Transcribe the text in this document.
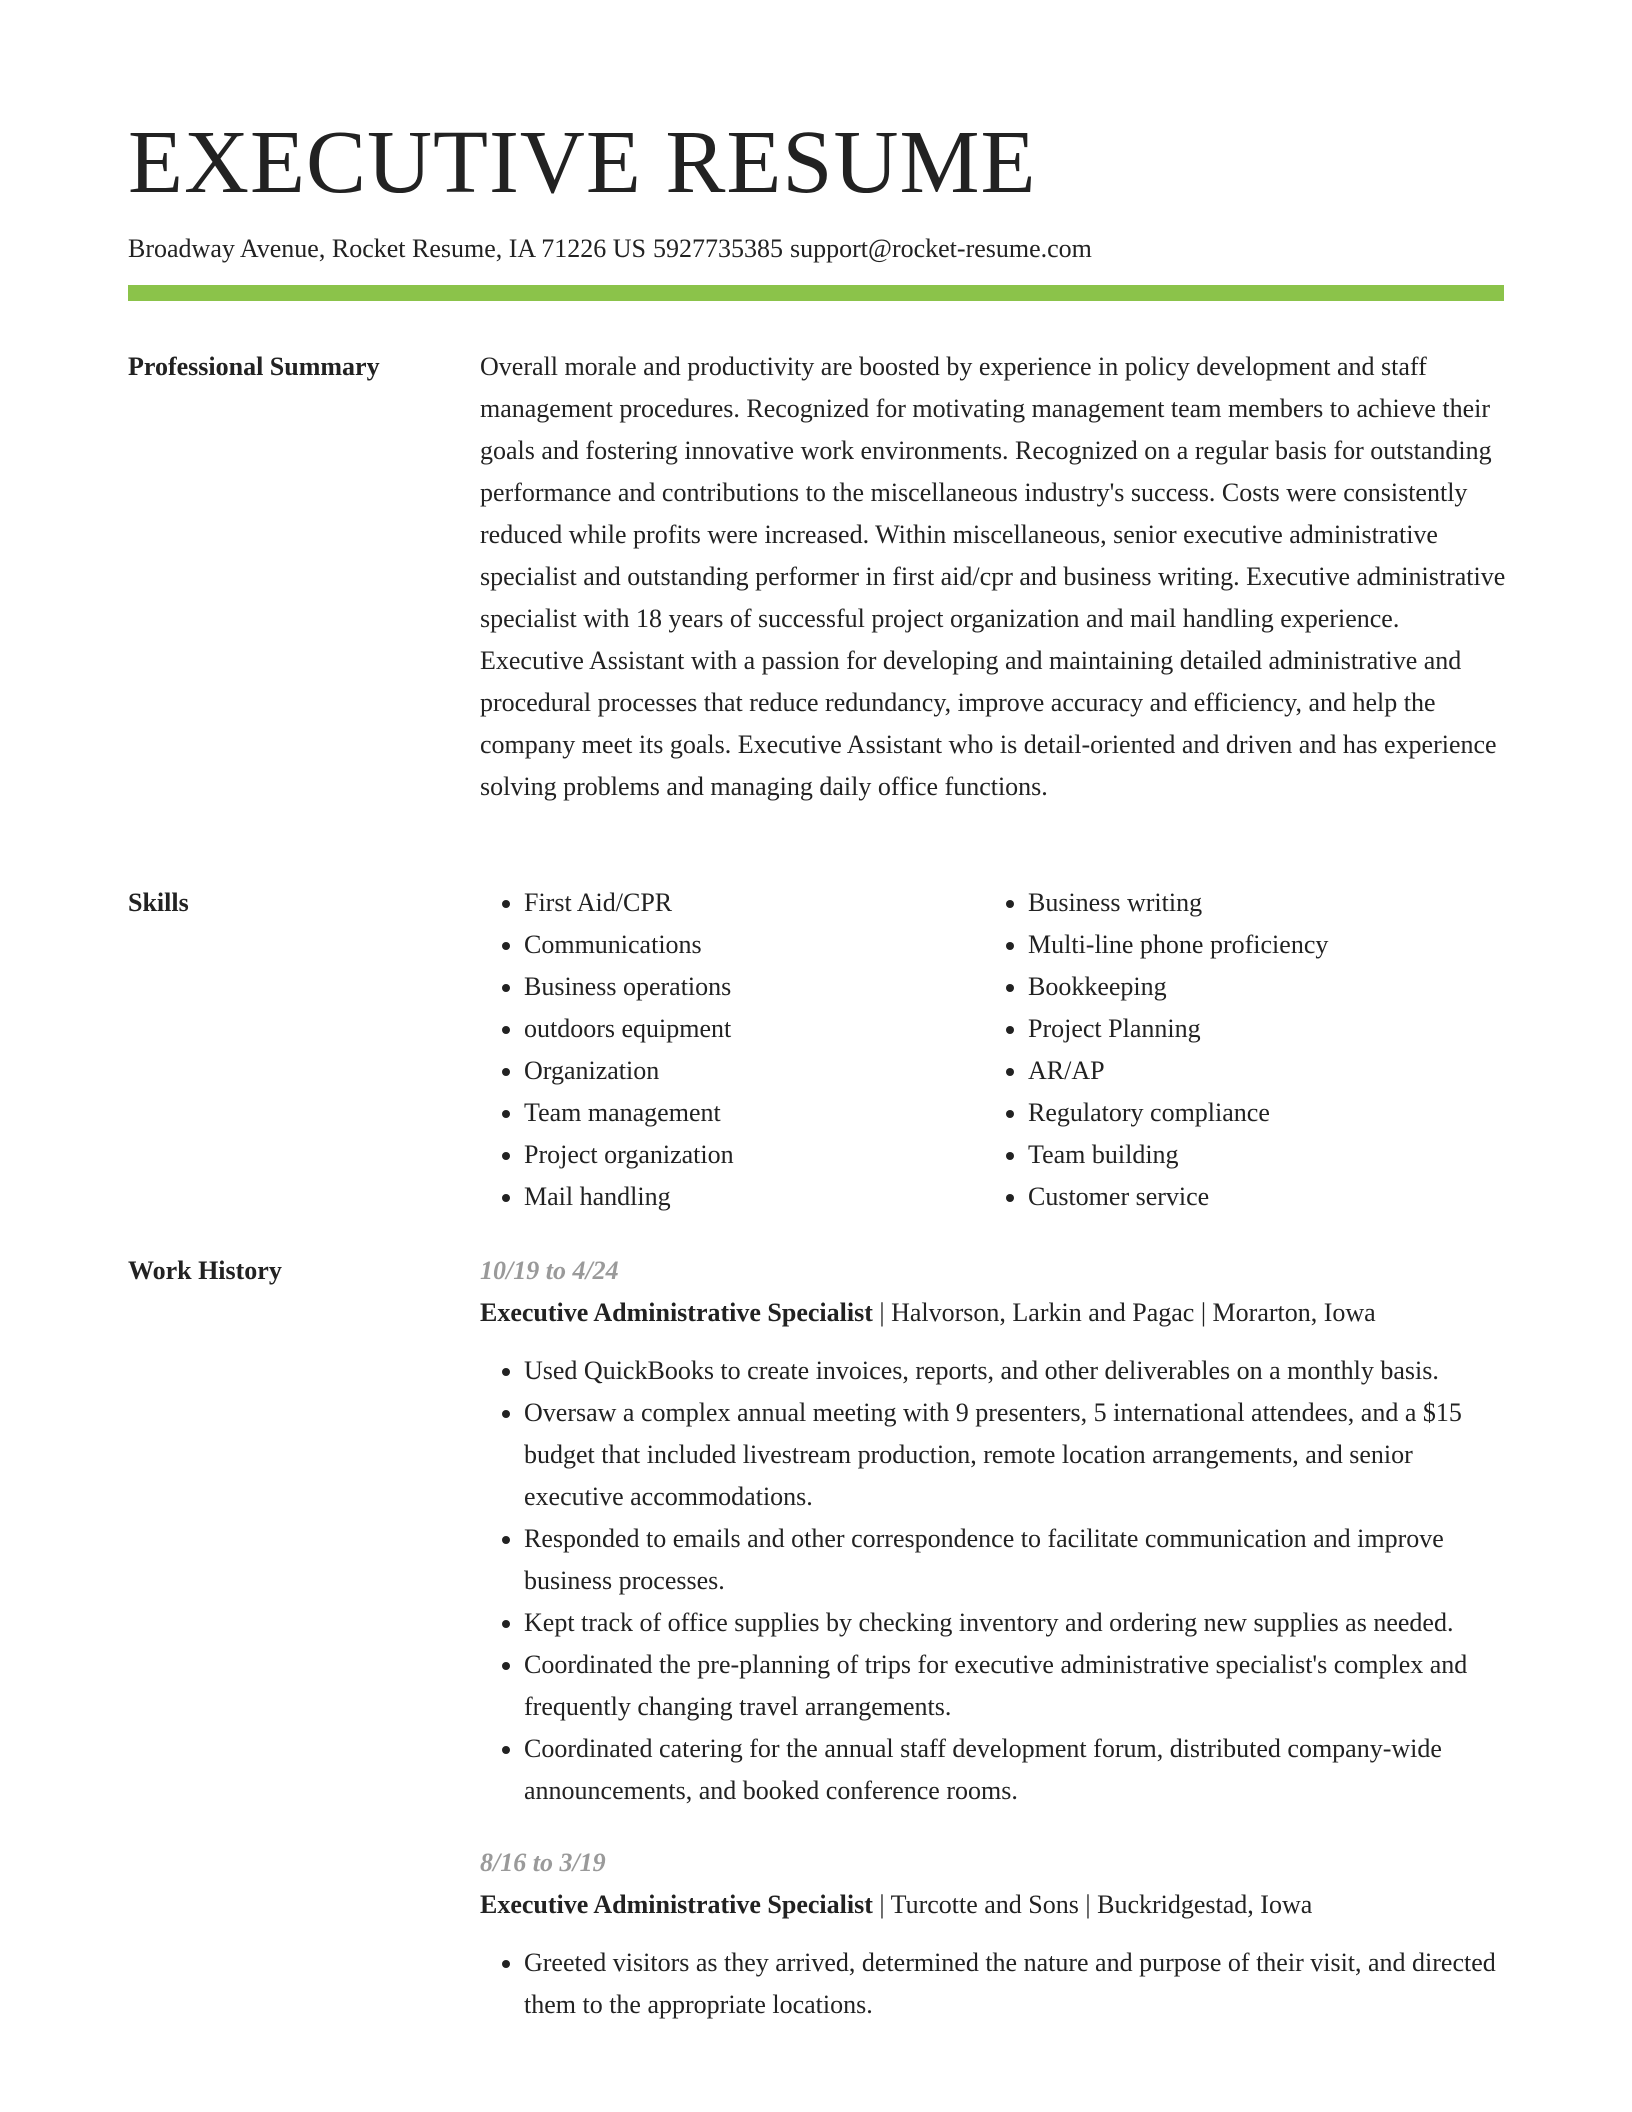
EXECUTIVE RESUME
Broadway Avenue, Rocket Resume, IA 71226 US 5927735385 support@rocket-resume.com
Professional Summary	Overall morale and productivity are boosted by experience in policy development and staff management procedures. Recognized for motivating management team members to achieve their goals and fostering innovative work environments. Recognized on a regular basis for outstanding performance and contributions to the miscellaneous industry's success. Costs were consistently reduced while profits were increased. Within miscellaneous, senior executive administrative specialist and outstanding performer in first aid/cpr and business writing. Executive administrative specialist with 18 years of successful project organization and mail handling experience. Executive Assistant with a passion for developing and maintaining detailed administrative and procedural processes that reduce redundancy, improve accuracy and efficiency, and help the company meet its goals. Executive Assistant who is detail-oriented and driven and has experience solving problems and managing daily office functions.

Skills
•	First Aid/CPR
• Communications
• Business operations
• outdoors equipment
• Organization
• Team management
• Project organization
• Mail handling
• Business writing
• Multi-line phone proficiency
• Bookkeeping
• Project Planning
• AR/AP
• Regulatory compliance
• Team building
• Customer service
Work History	10/19 to 4/24
Executive Administrative Specialist | Halvorson, Larkin and Pagac | Morarton, Iowa
• Used QuickBooks to create invoices, reports, and other deliverables on a monthly basis.
• Oversaw a complex annual meeting with 9 presenters, 5 international attendees, and a $15 budget that included livestream production, remote location arrangements, and senior executive accommodations.
• Responded to emails and other correspondence to facilitate communication and improve business processes.
• Kept track of office supplies by checking inventory and ordering new supplies as needed.
• Coordinated the pre-planning of trips for executive administrative specialist's complex and frequently changing travel arrangements.
• Coordinated catering for the annual staff development forum, distributed company-wide announcements, and booked conference rooms.
8/16 to 3/19
Executive Administrative Specialist | Turcotte and Sons | Buckridgestad, Iowa
• Greeted visitors as they arrived, determined the nature and purpose of their visit, and directed them to the appropriate locations.
